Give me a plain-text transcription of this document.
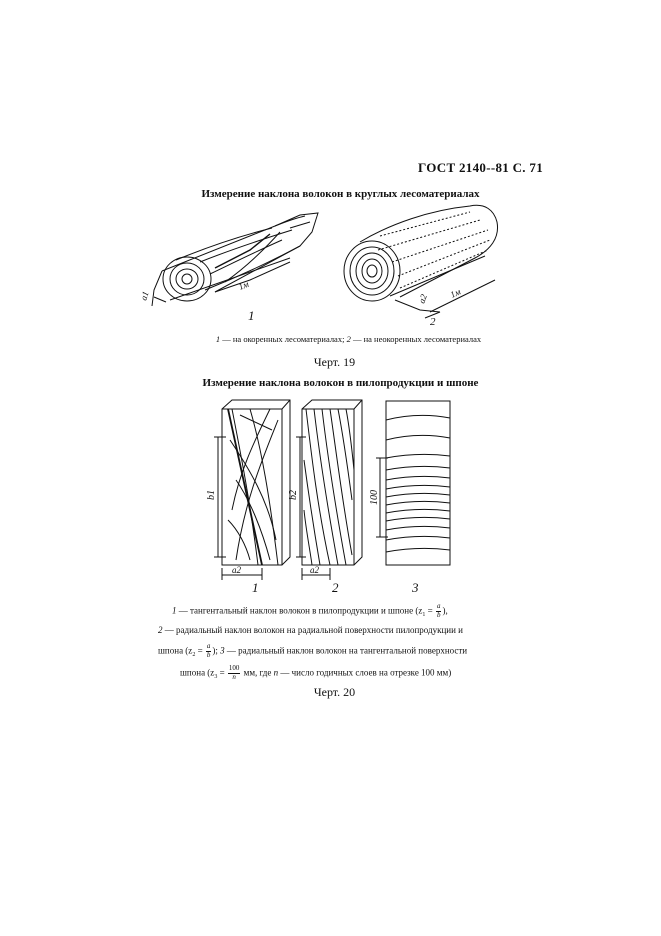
ГОСТ 2140--81 С. 71
Измерение наклона волокон в круглых лесоматериалах
a1
1м
1
a2 1м
2
1 — на окоренных лесоматериалах; 2 — на неокоренных лесоматериалах
Черт. 19
Измерение наклона волокон в пилопродукции и шпоне
b1	b2	100
a2	a2
1	2	3
1 — тангентальный наклон волокон в пилопродукции и шпоне ($z_1 = \frac{a}{b}$ ),
2 — радиальный наклон волокон на радиальной поверхности пилопродукции и
шпона ($z_2 = \frac{a}{b}$ ); 3 — радиальный наклон волокон на тангентальной поверхности
шпона ($z_3 = \frac{100}{n}$ мм, где n — число годичных слоев на отрезке 100 мм)
Черт. 20
